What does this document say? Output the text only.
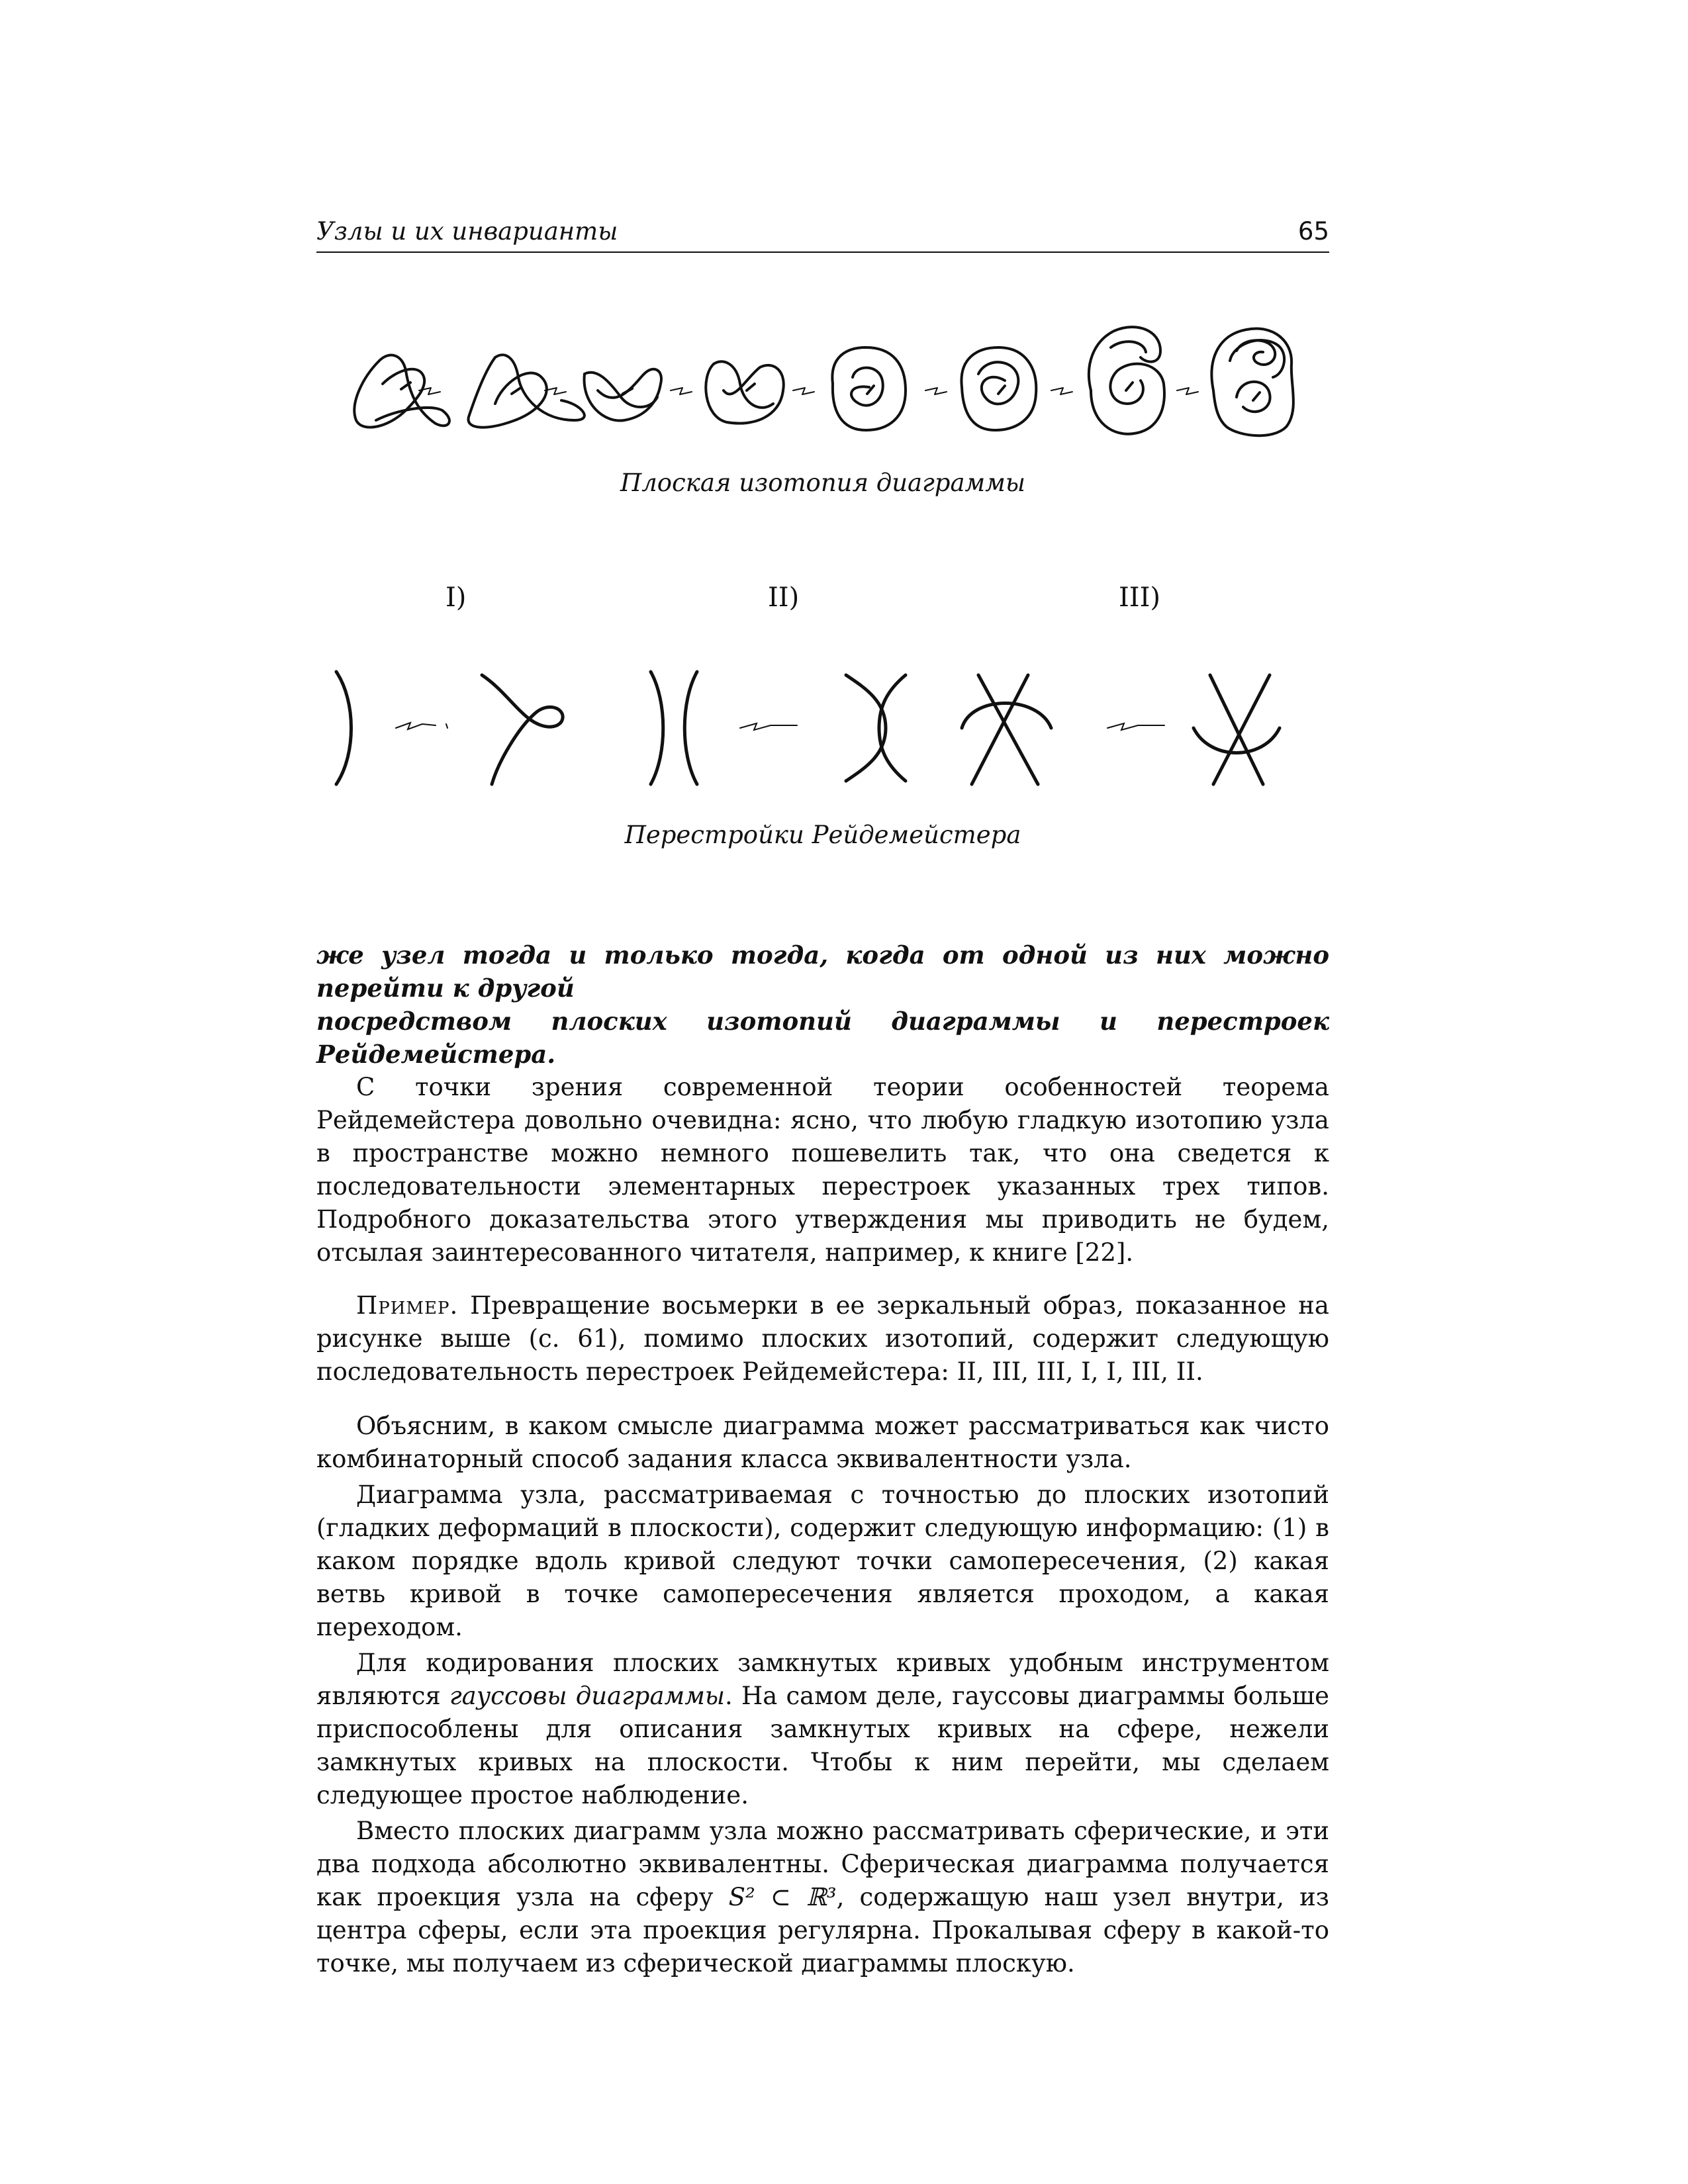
Узлы и их инварианты	65
Плоская изотопия диаграммы
I)	II)	III)
Перестройки Рейдемейстера

же узел тогда и только тогда, когда от одной из них можно перейти к другой

посредством плоских изотопий диаграммы и перестроек Рейдемейстера.

С точки зрения современной теории особенностей теорема Рейдемейстера довольно очевидна: ясно, что любую гладкую изотопию узла в пространстве можно немного пошевелить так, что она сведется к последовательности элементарных перестроек указанных трех типов. Подробного доказательства этого утверждения мы приводить не будем, отсылая заинтересованного читателя, например, к книге [22].

Пример. Превращение восьмерки в ее зеркальный образ, показанное на рисунке выше (с. 61), помимо плоских изотопий, содержит следующую последовательность перестроек Рейдемейстера: II, III, III, I, I, III, II.

Объясним, в каком смысле диаграмма может рассматриваться как чисто комбинаторный способ задания класса эквивалентности узла.

Диаграмма узла, рассматриваемая с точностью до плоских изотопий (гладких деформаций в плоскости), содержит следующую информацию: (1) в каком порядке вдоль кривой следуют точки самопересечения, (2) какая ветвь кривой в точке самопересечения является проходом, а какая переходом.

Для кодирования плоских замкнутых кривых удобным инструментом являются гауссовы диаграммы. На самом деле, гауссовы диаграммы больше приспособлены для описания замкнутых кривых на сфере, нежели замкнутых кривых на плоскости. Чтобы к ним перейти, мы сделаем следующее простое наблюдение.

Вместо плоских диаграмм узла можно рассматривать сферические, и эти два подхода абсолютно эквивалентны. Сферическая диаграмма получается как проекция узла на сферу S² ⊂ ℝ³, содержащую наш узел внутри, из центра сферы, если эта проекция регулярна. Прокалывая сферу в какой-то точке, мы получаем из сферической диаграммы плоскую.
